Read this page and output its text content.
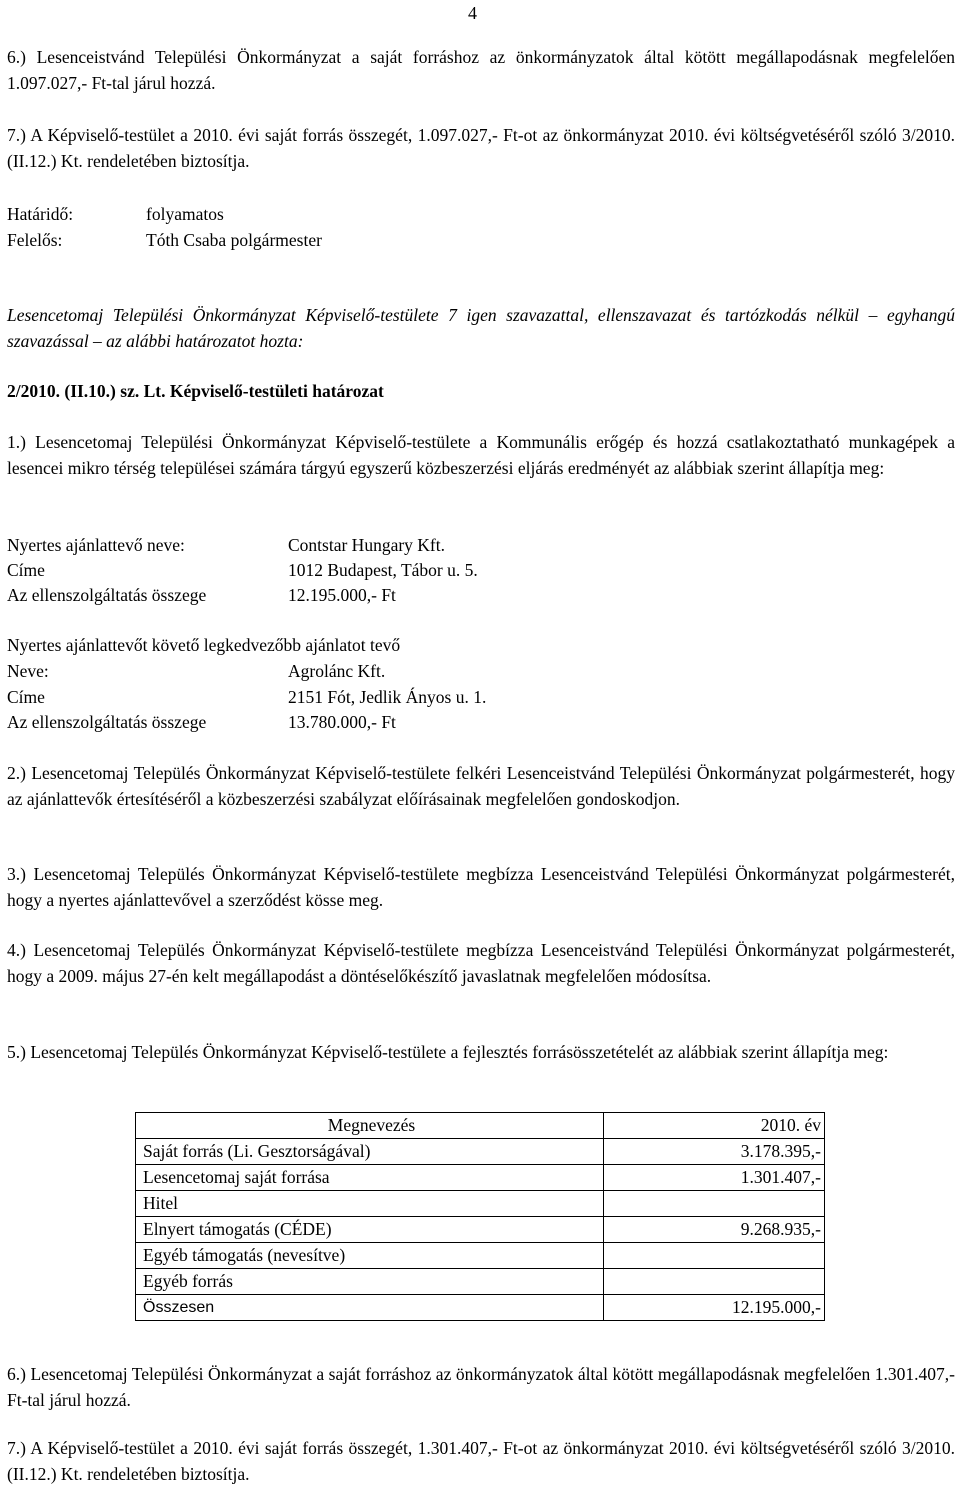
4

6.) Lesenceistvánd Települési Önkormányzat a saját forráshoz az önkormányzatok által kötött megállapodásnak megfelelően 1.097.027,- Ft-tal járul hozzá.

7.) A Képviselő-testület a 2010. évi saját forrás összegét, 1.097.027,- Ft-ot az önkormányzat 2010. évi költségvetéséről szóló 3/2010. (II.12.) Kt. rendeletében biztosítja.

Határidő:	folyamatos
Felelős:	Tóth Csaba polgármester

Lesencetomaj Települési Önkormányzat Képviselő-testülete 7 igen szavazattal, ellenszavazat és tartózkodás nélkül – egyhangú szavazással – az alábbi határozatot hozta:

2/2010. (II.10.) sz. Lt. Képviselő-testületi határozat

1.) Lesencetomaj Települési Önkormányzat Képviselő-testülete a Kommunális erőgép és hozzá csatlakoztatható munkagépek a lesencei mikro térség települései számára tárgyú egyszerű közbeszerzési eljárás eredményét az alábbiak szerint állapítja meg:

Nyertes ajánlattevő neve:	Contstar Hungary Kft.
Címe	1012 Budapest, Tábor u. 5.
Az ellenszolgáltatás összege	12.195.000,- Ft

Nyertes ajánlattevőt követő legkedvezőbb ajánlatot tevő

Neve:	Agrolánc Kft.
Címe	2151 Fót, Jedlik Ányos u. 1.
Az ellenszolgáltatás összege	13.780.000,- Ft

2.) Lesencetomaj Település Önkormányzat Képviselő-testülete felkéri Lesenceistvánd Települési Önkormányzat polgármesterét, hogy az ajánlattevők értesítéséről a közbeszerzési szabályzat előírásainak megfelelően gondoskodjon.

3.) Lesencetomaj Település Önkormányzat Képviselő-testülete megbízza Lesenceistvánd Települési Önkormányzat polgármesterét, hogy a nyertes ajánlattevővel a szerződést kösse meg.

4.) Lesencetomaj Település Önkormányzat Képviselő-testülete megbízza Lesenceistvánd Települési Önkormányzat polgármesterét, hogy a 2009. május 27-én kelt megállapodást a döntéselőkészítő javaslatnak megfelelően módosítsa.

5.) Lesencetomaj Település Önkormányzat Képviselő-testülete a fejlesztés forrásösszetételét az alábbiak szerint állapítja meg:

Megnevezés	2010. év
Saját forrás (Li. Gesztorságával)	3.178.395,-
Lesencetomaj saját forrása	1.301.407,-
Hitel	
Elnyert támogatás (CÉDE)	9.268.935,-
Egyéb támogatás (nevesítve)	
Egyéb forrás	
Összesen	12.195.000,-

6.) Lesencetomaj Települési Önkormányzat a saját forráshoz az önkormányzatok által kötött megállapodásnak megfelelően 1.301.407,- Ft-tal járul hozzá.

7.) A Képviselő-testület a 2010. évi saját forrás összegét, 1.301.407,- Ft-ot az önkormányzat 2010. évi költségvetéséről szóló 3/2010. (II.12.) Kt. rendeletében biztosítja.
